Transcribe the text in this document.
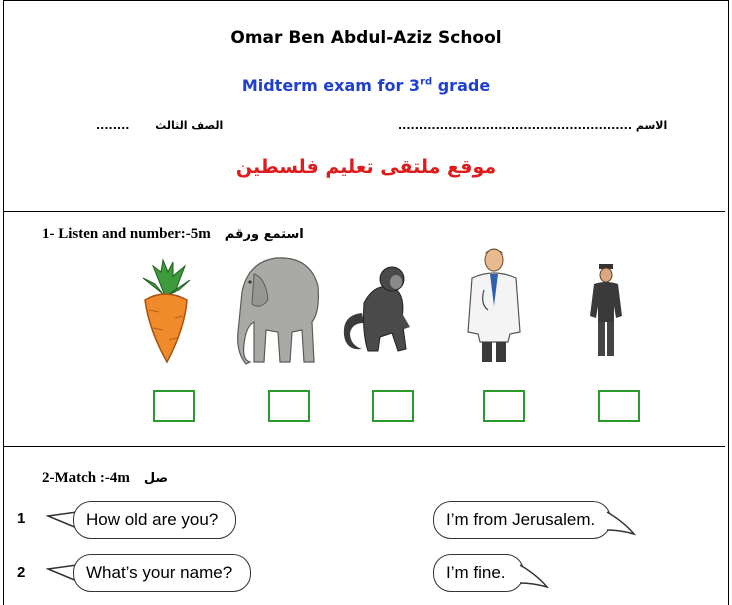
Omar Ben Abdul-Aziz School
Midterm exam for 3rd grade
........ الصف الثالث	........................................................ الاسم
موقع ملتقى تعليم فلسطين
1- Listen and number:-5m استمع ورقم
2-Match :-4m صل
1	How old are you?	I’m from Jerusalem.
2	What’s your name?	I’m fine.
